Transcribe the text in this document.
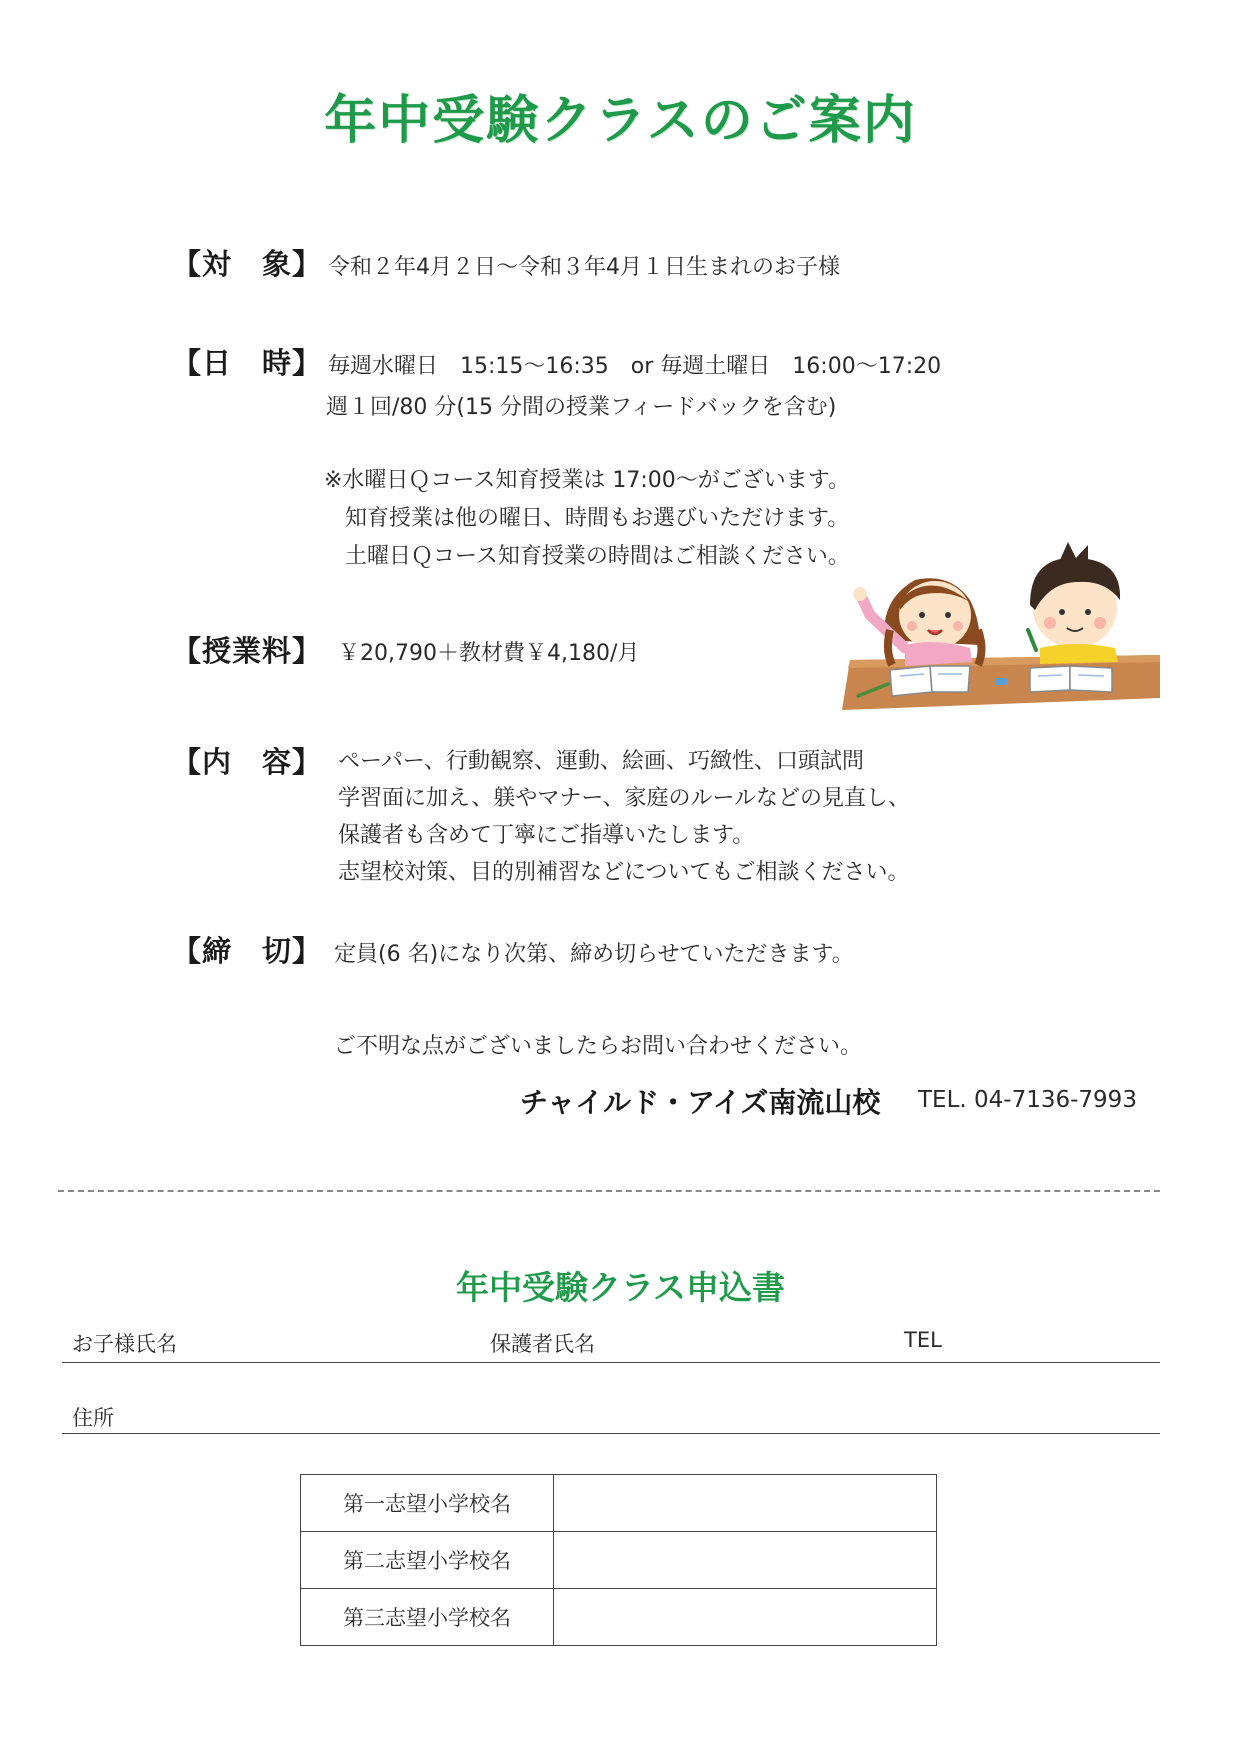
年中受験クラスのご案内
【対　象】 令和２年4月２日～令和３年4月１日生まれのお子様
【日　時】 毎週水曜日　15:15～16:35　or 毎週土曜日　16:00～17:20
週１回/80 分(15 分間の授業フィードバックを含む)
※水曜日Ｑコース知育授業は 17:00～がございます。
知育授業は他の曜日、時間もお選びいただけます。
土曜日Ｑコース知育授業の時間はご相談ください。
【授業料】 ￥20,790＋教材費￥4,180/月
【内　容】 ペーパー、行動観察、運動、絵画、巧緻性、口頭試問
学習面に加え、躾やマナー、家庭のルールなどの見直し、
保護者も含めて丁寧にご指導いたします。
志望校対策、目的別補習などについてもご相談ください。
【締　切】 定員(6 名)になり次第、締め切らせていただきます。
ご不明な点がございましたらお問い合わせください。
チャイルド・アイズ南流山校 TEL. 04-7136-7993
年中受験クラス申込書
お子様氏名	保護者氏名	TEL
住所
第一志望小学校名	
第二志望小学校名	
第三志望小学校名	
